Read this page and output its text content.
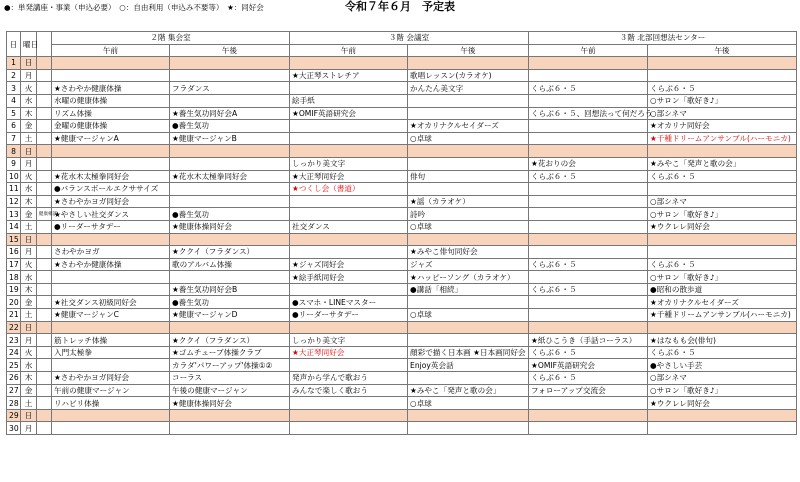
●：単発講座・事業（申込必要）　○：自由利用（申込み不要等）　★：同好会	令和７年６月　予定表
日	曜日		２階 集会室		３階 会議室		３階 北部回想法センター	
			午前	午後	午前	午後	午前	午後
1	日							
2	月				★大正琴ストレチア	歌唱レッスン(カラオケ)		
3	火		★さわやか健康体操	フラダンス		かんたん美文字	くらぶ６・５	くらぶ６・５
4	水		水曜の健康体操		絵手紙			○サロン「歌好き♪」
5	木		リズム体操	★養生気功同好会A	★OMIF英語研究会		くらぶ６・５、回想法って何だろう	○部シネマ
6	金		金曜の健康体操	●養生気功		★オカリナクルセイダーズ		★オカリナ同好会
7	土		★健康マージャンA	★健康マージャンB		○卓球		★千種ドリームアンサンブル(ハーモニカ)
8	日							
9	月				しっかり美文字		★花おりの会	★みやこ「発声と歌の会」
10	火		★花水木太極拳同好会	★花水木太極拳同好会	★大正琴同好会	俳句	くらぶ６・５	くらぶ６・５
11	水		●バランスボールエクササイズ		★つくし会（書道）			
12	木		★さわやかヨガ同好会			★謡（カラオケ）		○部シネマ
13	金	健康相談	★やさしい社交ダンス	●養生気功		詩吟		○サロン「歌好き♪」
14	土		●リーダーサタデー	★健康体操同好会	社交ダンス	○卓球		★ウクレレ同好会
15	日							
16	月		さわやかヨガ	★ククイ（フラダンス）		★みやこ俳句同好会		
17	火		★さわやか健康体操	歌のアルバム体操	★ジャズ同好会	ジャズ	くらぶ６・５	くらぶ６・５
18	水				★絵手紙同好会	★ハッピーソング（カラオケ）		○サロン「歌好き♪」
19	木			★養生気功同好会B		●講話「相続」	くらぶ６・５	●昭和の散歩道
20	金		★社交ダンス初級同好会	●養生気功	●スマホ・LINEマスター			★オカリナクルセイダーズ
21	土		★健康マージャンC	★健康マージャンD	●リーダーサタデー	○卓球		★千種ドリームアンサンブル(ハーモニカ)
22	日							
23	月		筋トレッチ体操	★ククイ（フラダンス）	しっかり美文字		★紙ひこうき（手話コーラス）	★はなもも会(俳句)
24	火		入門太極拳	★ゴムチューブ体操クラブ	★大正琴同好会	顔彩で描く日本画 ★日本画同好会	くらぶ６・５	くらぶ６・５
25	水			カラダ'パワーアップ'体操①②		Enjoy英会話	★OMIF英語研究会	●やさしい手芸
26	木		★さわやかヨガ同好会	コーラス	発声から学んで歌おう		くらぶ６・５	○部シネマ
27	金		午前の健康マージャン	午後の健康マージャン	みんなで楽しく歌おう	★みやこ「発声と歌の会」	フォローアップ交流会	○サロン「歌好き♪」
28	土		リハビリ体操	★健康体操同好会		○卓球		★ウクレレ同好会
29	日							
30	月							
